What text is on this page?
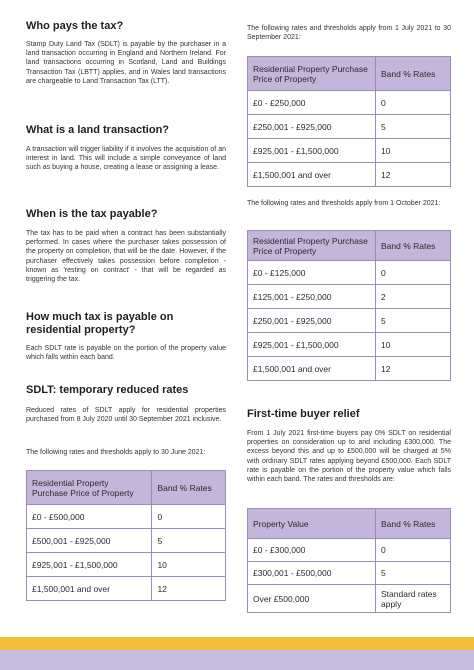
Who pays the tax?

Stamp Duty Land Tax (SDLT) is payable by the purchaser in a land transaction occurring in England and Northern Ireland. For land transactions occurring in Scotland, Land and Buildings Transaction Tax (LBTT) applies, and in Wales land transactions are chargeable to Land Transaction Tax (LTT).

What is a land transaction?

A transaction will trigger liability if it involves the acquisition of an interest in land. This will include a simple conveyance of land such as buying a house, creating a lease or assigning a lease.

When is the tax payable?

The tax has to be paid when a contract has been substantially performed. In cases where the purchaser takes possession of the property on completion, that will be the date. However, if the purchaser effectively takes possession before completion - known as 'resting on contract' - that will be regarded as triggering the tax.

How much tax is payable on residential property?

Each SDLT rate is payable on the portion of the property value which falls within each band.

SDLT: temporary reduced rates

Reduced rates of SDLT apply for residential properties purchased from 8 July 2020 until 30 September 2021 inclusive.

The following rates and thresholds apply to 30 June 2021:

Residential Property Purchase Price of Property	Band % Rates
£0 - £500,000	0
£500,001 - £925,000	5
£925,001 - £1,500,000	10
£1,500,001 and over	12

The following rates and thresholds apply from 1 July 2021 to 30 September 2021:

Residential Property Purchase Price of Property	Band % Rates
£0 - £250,000	0
£250,001 - £925,000	5
£925,001 - £1,500,000	10
£1,500,001 and over	12

The following rates and thresholds apply from 1 October 2021:

Residential Property Purchase Price of Property	Band % Rates
£0 - £125,000	0
£125,001 - £250,000	2
£250,001 - £925,000	5
£925,001 - £1,500,000	10
£1,500,001 and over	12
First-time buyer relief

From 1 July 2021 first-time buyers pay 0% SDLT on residential properties on consideration up to and including £300,000. The excess beyond this and up to £500,000 will be charged at 5% with ordinary SDLT rates applying beyond £500,000. Each SDLT rate is payable on the portion of the property value which falls within each band. The rates and thresholds are:

Property Value	Band % Rates
£0 - £300,000	0
£300,001 - £500,000	5
Over £500,000	Standard rates apply
